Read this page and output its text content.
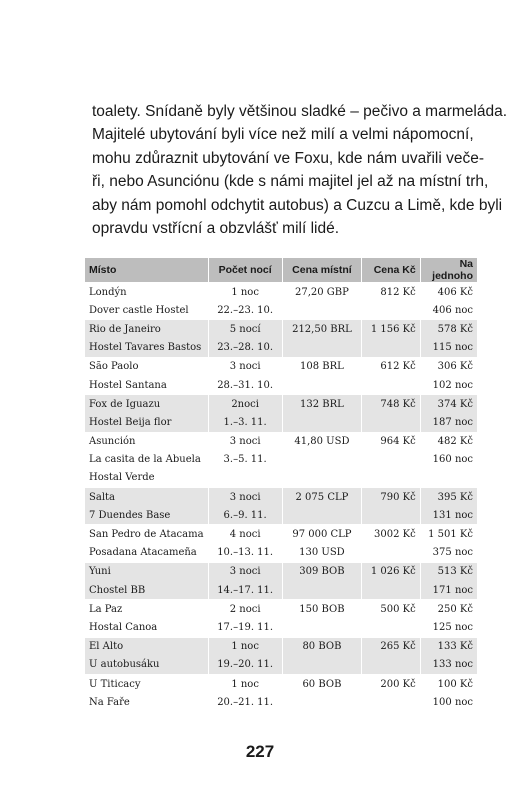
toalety. Snídaně byly většinou sladké – pečivo a marmeláda.
Majitelé ubytování byli více než milí a velmi nápomocní,
mohu zdůraznit ubytování ve Foxu, kde nám uvařili veče-
ři, nebo Asunciónu (kde s námi majitel jel až na místní trh,
aby nám pomohl odchytit autobus) a Cuzcu a Limě, kde byli
opravdu vstřícní a obzvlášť milí lidé.
Místo	Počet nocí	Cena místní	Cena Kč	Na jednoho
Londýn	1 noc	27,20 GBP	812 Kč	406 Kč
Dover castle Hostel	22.–23. 10.			406 noc
Rio de Janeiro	5 nocí	212,50 BRL	1 156 Kč	578 Kč
Hostel Tavares Bastos	23.–28. 10.			115 noc
São Paolo	3 noci	108 BRL	612 Kč	306 Kč
Hostel Santana	28.–31. 10.			102 noc
Fox de Iguazu	2noci	132 BRL	748 Kč	374 Kč
Hostel Beija flor	1.–3. 11.			187 noc
Asunción	3 noci	41,80 USD	964 Kč	482 Kč
La casita de la Abuela	3.–5. 11.			160 noc
Hostal Verde				
Salta	3 noci	2 075 CLP	790 Kč	395 Kč
7 Duendes Base	6.–9. 11.			131 noc
San Pedro de Atacama	4 noci	97 000 CLP	3002 Kč	1 501 Kč
Posadana Atacameña	10.–13. 11.	130 USD		375 noc
Yuni	3 noci	309 BOB	1 026 Kč	513 Kč
Chostel BB	14.–17. 11.			171 noc
La Paz	2 noci	150 BOB	500 Kč	250 Kč
Hostal Canoa	17.–19. 11.			125 noc
El Alto	1 noc	80 BOB	265 Kč	133 Kč
U autobusáku	19.–20. 11.			133 noc
U Titicacy	1 noc	60 BOB	200 Kč	100 Kč
Na Faře	20.–21. 11.			100 noc
227
